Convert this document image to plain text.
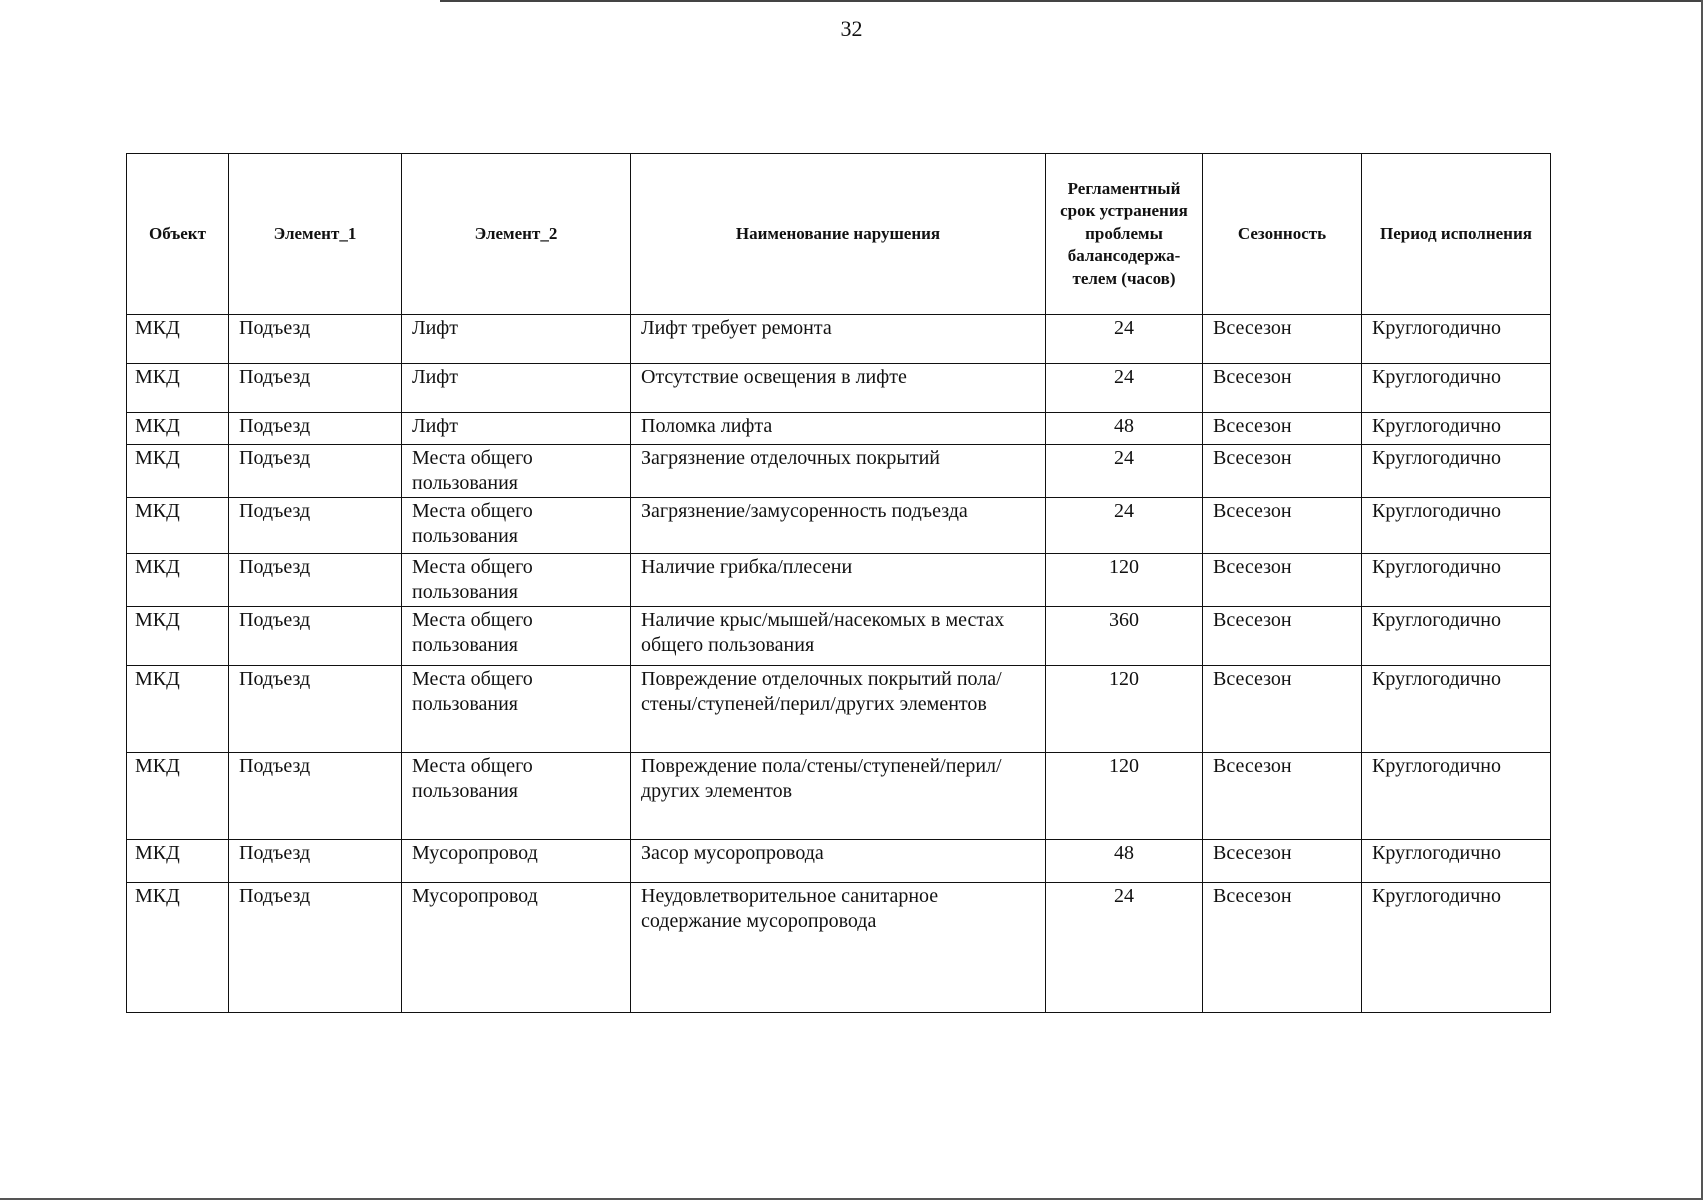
32
Объект	Элемент_1	Элемент_2	Наименование нарушения	Регламентный срок устранения проблемы балансодержа-телем (часов)	Сезонность	Период исполнения
МКД	Подъезд	Лифт	Лифт требует ремонта	24	Всесезон	Круглогодично
МКД	Подъезд	Лифт	Отсутствие освещения в лифте	24	Всесезон	Круглогодично
МКД	Подъезд	Лифт	Поломка лифта	48	Всесезон	Круглогодично
МКД	Подъезд	Места общего пользования	Загрязнение отделочных покрытий	24	Всесезон	Круглогодично
МКД	Подъезд	Места общего пользования	Загрязнение/замусоренность подъезда	24	Всесезон	Круглогодично
МКД	Подъезд	Места общего пользования	Наличие грибка/плесени	120	Всесезон	Круглогодично
МКД	Подъезд	Места общего пользования	Наличие крыс/мышей/насекомых в местах общего пользования	360	Всесезон	Круглогодично
МКД	Подъезд	Места общего пользования	Повреждение отделочных покрытий пола/стены/ступеней/перил/других элементов	120	Всесезон	Круглогодично
МКД	Подъезд	Места общего пользования	Повреждение пола/стены/ступеней/перил/других элементов	120	Всесезон	Круглогодично
МКД	Подъезд	Мусоропровод	Засор мусоропровода	48	Всесезон	Круглогодично
МКД	Подъезд	Мусоропровод	Неудовлетворительное санитарное содержание мусоропровода	24	Всесезон	Круглогодично
